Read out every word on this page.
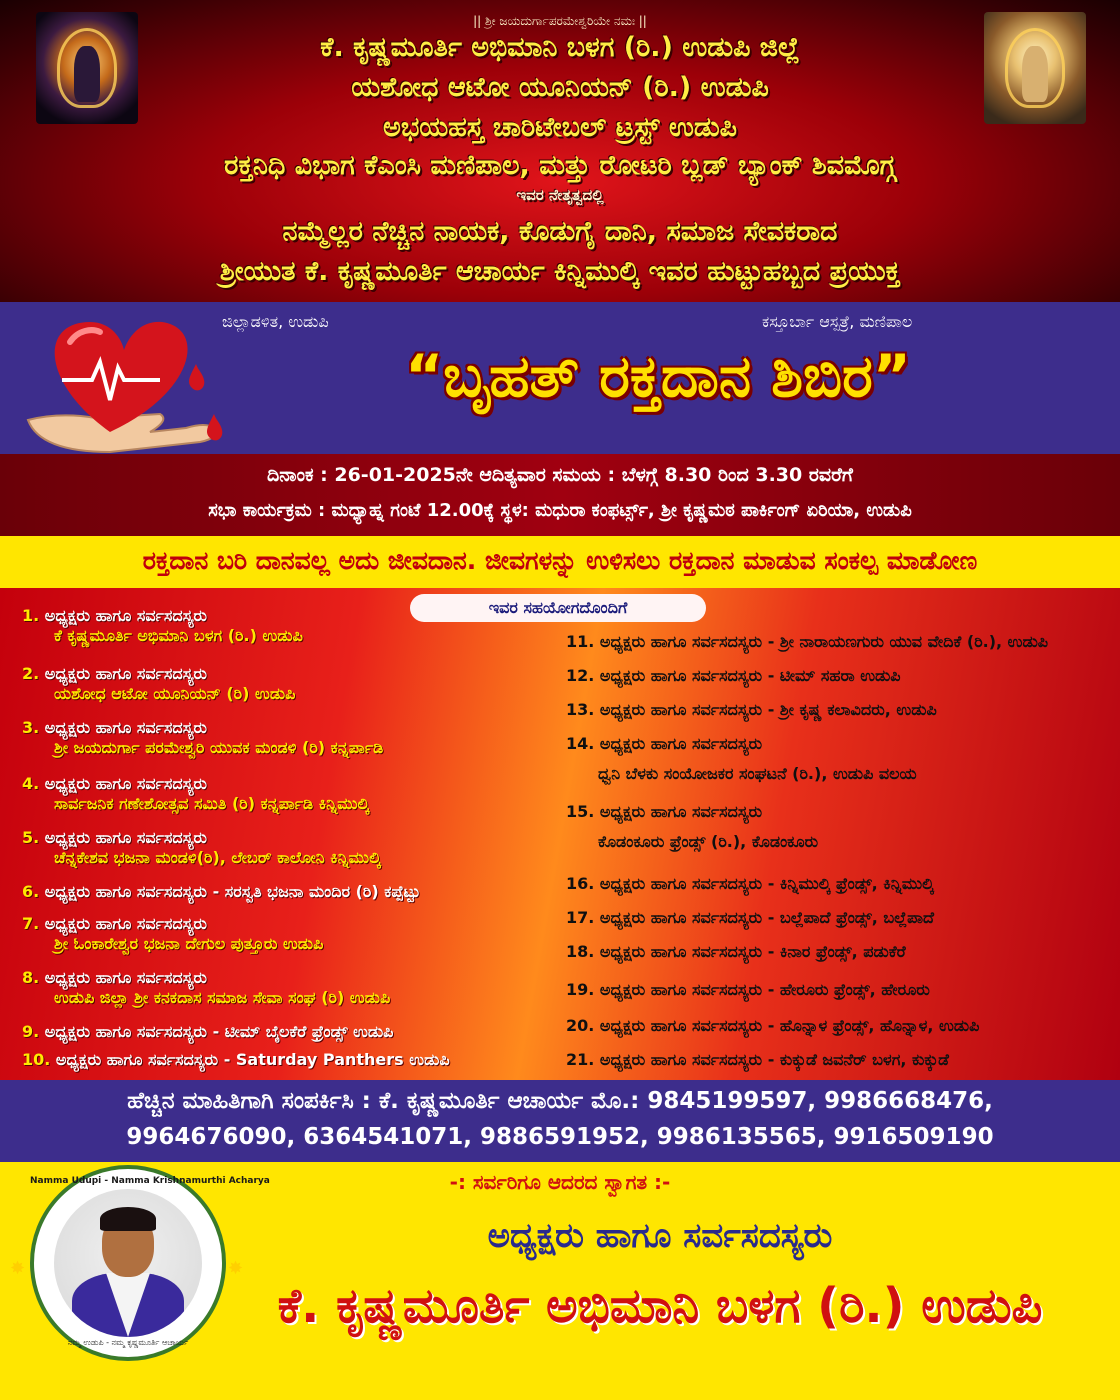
|| ಶ್ರೀ ಜಯದುರ್ಗಾಪರಮೇಶ್ವರಿಯೇ ನಮಃ ||
ಕೆ. ಕೃಷ್ಣಮೂರ್ತಿ ಅಭಿಮಾನಿ ಬಳಗ (ರಿ.) ಉಡುಪಿ ಜಿಲ್ಲೆ
ಯಶೋಧ ಆಟೋ ಯೂನಿಯನ್ (ರಿ.) ಉಡುಪಿ
ಅಭಯಹಸ್ತ ಚಾರಿಟೇಬಲ್ ಟ್ರಸ್ಟ್ ಉಡುಪಿ
ರಕ್ತನಿಧಿ ವಿಭಾಗ ಕೆಎಂಸಿ ಮಣಿಪಾಲ, ಮತ್ತು ರೋಟರಿ ಬ್ಲಡ್ ಬ್ಯಾಂಕ್ ಶಿವಮೊಗ್ಗ
ಇವರ ನೇತೃತ್ವದಲ್ಲಿ
ನಮ್ಮೆಲ್ಲರ ನೆಚ್ಚಿನ ನಾಯಕ, ಕೊಡುಗೈ ದಾನಿ, ಸಮಾಜ ಸೇವಕರಾದ
ಶ್ರೀಯುತ ಕೆ. ಕೃಷ್ಣಮೂರ್ತಿ ಆಚಾರ್ಯ ಕಿನ್ನಿಮುಲ್ಕಿ ಇವರ ಹುಟ್ಟುಹಬ್ಬದ ಪ್ರಯುಕ್ತ
ಜಿಲ್ಲಾಡಳಿತ, ಉಡುಪಿ	ಕಸ್ತೂರ್ಬಾ ಆಸ್ಪತ್ರೆ, ಮಣಿಪಾಲ
“ಬೃಹತ್ ರಕ್ತದಾನ ಶಿಬಿರ”
ದಿನಾಂಕ : 26-01-2025ನೇ ಆದಿತ್ಯವಾರ ಸಮಯ : ಬೆಳಗ್ಗೆ 8.30 ರಿಂದ 3.30 ರವರೆಗೆ
ಸಭಾ ಕಾರ್ಯಕ್ರಮ : ಮಧ್ಯಾಹ್ನ ಗಂಟೆ 12.00ಕ್ಕೆ ಸ್ಥಳ: ಮಧುರಾ ಕಂಫರ್ಟ್ಸ್, ಶ್ರೀ ಕೃಷ್ಣಮಠ ಪಾರ್ಕಿಂಗ್ ಏರಿಯಾ, ಉಡುಪಿ
ರಕ್ತದಾನ ಬರಿ ದಾನವಲ್ಲ ಅದು ಜೀವದಾನ. ಜೀವಗಳನ್ನು ಉಳಿಸಲು ರಕ್ತದಾನ ಮಾಡುವ ಸಂಕಲ್ಪ ಮಾಡೋಣ
ಇವರ ಸಹಯೋಗದೊಂದಿಗೆ
1. ಅಧ್ಯಕ್ಷರು ಹಾಗೂ ಸರ್ವಸದಸ್ಯರು
ಕೆ ಕೃಷ್ಣಮೂರ್ತಿ ಅಭಿಮಾನಿ ಬಳಗ (ರಿ.) ಉಡುಪಿ
2. ಅಧ್ಯಕ್ಷರು ಹಾಗೂ ಸರ್ವಸದಸ್ಯರು
ಯಶೋಧ ಆಟೋ ಯೂನಿಯನ್ (ರಿ) ಉಡುಪಿ
3. ಅಧ್ಯಕ್ಷರು ಹಾಗೂ ಸರ್ವಸದಸ್ಯರು
ಶ್ರೀ ಜಯದುರ್ಗಾ ಪರಮೇಶ್ವರಿ ಯುವಕ ಮಂಡಳಿ (ರಿ) ಕನ್ನರ್ಪಾಡಿ
4. ಅಧ್ಯಕ್ಷರು ಹಾಗೂ ಸರ್ವಸದಸ್ಯರು
ಸಾರ್ವಜನಿಕ ಗಣೇಶೋತ್ಸವ ಸಮಿತಿ (ರಿ) ಕನ್ನರ್ಪಾಡಿ ಕಿನ್ನಿಮುಲ್ಕಿ
5. ಅಧ್ಯಕ್ಷರು ಹಾಗೂ ಸರ್ವಸದಸ್ಯರು
ಚೆನ್ನಕೇಶವ ಭಜನಾ ಮಂಡಳಿ(ರಿ), ಲೇಬರ್ ಕಾಲೋನಿ ಕಿನ್ನಿಮುಲ್ಕಿ
6. ಅಧ್ಯಕ್ಷರು ಹಾಗೂ ಸರ್ವಸದಸ್ಯರು - ಸರಸ್ವತಿ ಭಜನಾ ಮಂದಿರ (ರಿ) ಕಪ್ಪೆಟ್ಟು
7. ಅಧ್ಯಕ್ಷರು ಹಾಗೂ ಸರ್ವಸದಸ್ಯರು
ಶ್ರೀ ಓಂಕಾರೇಶ್ವರ ಭಜನಾ ದೇಗುಲ ಪುತ್ತೂರು ಉಡುಪಿ
8. ಅಧ್ಯಕ್ಷರು ಹಾಗೂ ಸರ್ವಸದಸ್ಯರು
ಉಡುಪಿ ಜಿಲ್ಲಾ ಶ್ರೀ ಕನಕದಾಸ ಸಮಾಜ ಸೇವಾ ಸಂಘ (ರಿ) ಉಡುಪಿ
9. ಅಧ್ಯಕ್ಷರು ಹಾಗೂ ಸರ್ವಸದಸ್ಯರು - ಟೀಮ್ ಬೈಲಕೆರೆ ಫ್ರೆಂಡ್ಸ್ ಉಡುಪಿ
10. ಅಧ್ಯಕ್ಷರು ಹಾಗೂ ಸರ್ವಸದಸ್ಯರು - Saturday Panthers ಉಡುಪಿ
11. ಅಧ್ಯಕ್ಷರು ಹಾಗೂ ಸರ್ವಸದಸ್ಯರು - ಶ್ರೀ ನಾರಾಯಣಗುರು ಯುವ ವೇದಿಕೆ (ರಿ.), ಉಡುಪಿ
12. ಅಧ್ಯಕ್ಷರು ಹಾಗೂ ಸರ್ವಸದಸ್ಯರು - ಟೀಮ್ ಸಹರಾ ಉಡುಪಿ
13. ಅಧ್ಯಕ್ಷರು ಹಾಗೂ ಸರ್ವಸದಸ್ಯರು - ಶ್ರೀ ಕೃಷ್ಣ ಕಲಾವಿದರು, ಉಡುಪಿ
14. ಅಧ್ಯಕ್ಷರು ಹಾಗೂ ಸರ್ವಸದಸ್ಯರು
ಧ್ವನಿ ಬೆಳಕು ಸಂಯೋಜಕರ ಸಂಘಟನೆ (ರಿ.), ಉಡುಪಿ ವಲಯ
15. ಅಧ್ಯಕ್ಷರು ಹಾಗೂ ಸರ್ವಸದಸ್ಯರು
ಕೊಡಂಕೂರು ಫ್ರೆಂಡ್ಸ್ (ರಿ.), ಕೊಡಂಕೂರು
16. ಅಧ್ಯಕ್ಷರು ಹಾಗೂ ಸರ್ವಸದಸ್ಯರು - ಕಿನ್ನಿಮುಲ್ಕಿ ಫ್ರೆಂಡ್ಸ್, ಕಿನ್ನಿಮುಲ್ಕಿ
17. ಅಧ್ಯಕ್ಷರು ಹಾಗೂ ಸರ್ವಸದಸ್ಯರು - ಬಲ್ಲೆಪಾದೆ ಫ್ರೆಂಡ್ಸ್, ಬಲ್ಲೆಪಾದೆ
18. ಅಧ್ಯಕ್ಷರು ಹಾಗೂ ಸರ್ವಸದಸ್ಯರು - ಕಿನಾರ ಫ್ರೆಂಡ್ಸ್, ಪಡುಕೆರೆ
19. ಅಧ್ಯಕ್ಷರು ಹಾಗೂ ಸರ್ವಸದಸ್ಯರು - ಹೇರೂರು ಫ್ರೆಂಡ್ಸ್, ಹೇರೂರು
20. ಅಧ್ಯಕ್ಷರು ಹಾಗೂ ಸರ್ವಸದಸ್ಯರು - ಹೊನ್ನಾಳ ಫ್ರೆಂಡ್ಸ್, ಹೊನ್ನಾಳ, ಉಡುಪಿ
21. ಅಧ್ಯಕ್ಷರು ಹಾಗೂ ಸರ್ವಸದಸ್ಯರು - ಕುಕ್ಕುಡೆ ಜವನೆರ್ ಬಳಗ, ಕುಕ್ಕುಡೆ
ಹೆಚ್ಚಿನ ಮಾಹಿತಿಗಾಗಿ ಸಂಪರ್ಕಿಸಿ : ಕೆ. ಕೃಷ್ಣಮೂರ್ತಿ ಆಚಾರ್ಯ ಮೊ.: 9845199597, 9986668476,
9964676090, 6364541071, 9886591952, 9986135565, 9916509190
-: ಸರ್ವರಿಗೂ ಆದರದ ಸ್ವಾಗತ :-
ಅಧ್ಯಕ್ಷರು ಹಾಗೂ ಸರ್ವಸದಸ್ಯರು
ಕೆ. ಕೃಷ್ಣಮೂರ್ತಿ ಅಭಿಮಾನಿ ಬಳಗ (ರಿ.) ಉಡುಪಿ
Namma Udupi - Namma Krishnamurthi Acharya
ನಮ್ಮ ಉಡುಪಿ - ನಮ್ಮ ಕೃಷ್ಣಮೂರ್ತಿ ಆಚಾರ್ಯ
✸	✸
